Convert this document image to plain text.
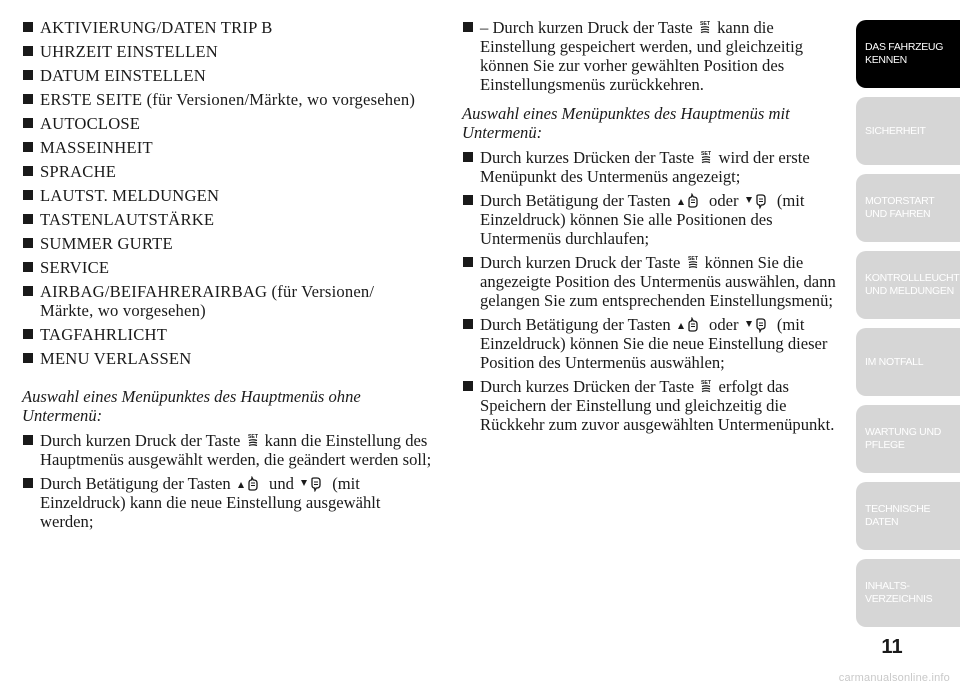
AKTIVIERUNG/DATEN TRIP B
UHRZEIT EINSTELLEN
DATUM EINSTELLEN
ERSTE SEITE (für Versionen/Märkte, wo vorgesehen)
AUTOCLOSE
MASSEINHEIT
SPRACHE
LAUTST. MELDUNGEN
TASTENLAUTSTÄRKE
SUMMER GURTE
SERVICE
AIRBAG/BEIFAHRERAIRBAG (für Versionen/ Märkte, wo vorgesehen)
TAGFAHRLICHT
MENU VERLASSEN

Auswahl eines Menüpunktes des Hauptmenüs ohne Untermenü:

Durch kurzen Druck der Taste kann die Einstellung des Hauptmenüs ausgewählt werden, die geändert werden soll;
Durch Betätigung der Tasten und (mit Einzeldruck) kann die neue Einstellung ausgewählt werden;
– Durch kurzen Druck der Taste kann die Einstellung gespeichert werden, und gleichzeitig können Sie zur vorher gewählten Position des Einstellungsmenüs zurückkehren.

Auswahl eines Menüpunktes des Hauptmenüs mit Untermenü:

Durch kurzes Drücken der Taste wird der erste Menüpunkt des Untermenüs angezeigt;
Durch Betätigung der Tasten oder (mit Einzeldruck) können Sie alle Positionen des Untermenüs durchlaufen;
Durch kurzen Druck der Taste können Sie die angezeigte Position des Untermenüs auswählen, dann gelangen Sie zum entsprechenden Einstellungsmenü;
Durch Betätigung der Tasten oder (mit Einzeldruck) können Sie die neue Einstellung dieser Position des Untermenüs auswählen;
Durch kurzes Drücken der Taste erfolgt das Speichern der Einstellung und gleichzeitig die Rückkehr zum zuvor ausgewählten Untermenüpunkt.
DAS FAHRZEUG KENNEN
SICHERHEIT
MOTORSTART UND FAHREN
KONTROLLLEUCHTEN UND MELDUNGEN
IM NOTFALL
WARTUNG UND PFLEGE
TECHNISCHE DATEN
INHALTS- VERZEICHNIS
11
carmanualsonline.info
